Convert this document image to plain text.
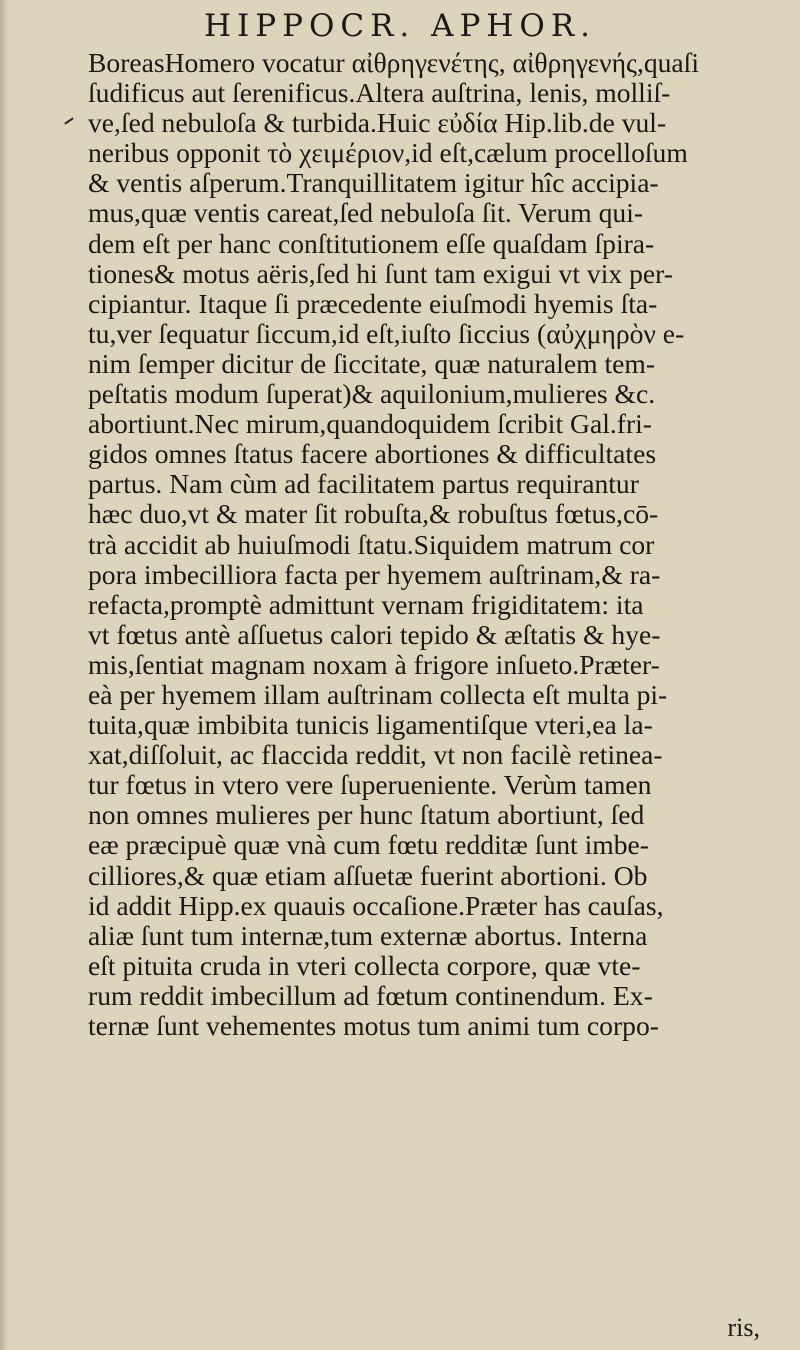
HIPPOCR. APHOR.
BoreasHomero vocatur αἰθρηγενέτης, αἰθρηγενής,quaſi
ſudificus aut ſerenificus.Altera auſtrina, lenis, molliſ-
ve,ſed nebuloſa & turbida.Huic εὐδία Hip.lib.de vul-
neribus opponit τὸ χειμέριον,id eſt,cælum procelloſum
& ventis aſperum.Tranquillitatem igitur hîc accipia-
mus,quæ ventis careat,ſed nebuloſa ſit. Verum qui-
dem eſt per hanc conſtitutionem eſſe quaſdam ſpira-
tiones& motus aëris,ſed hi ſunt tam exigui vt vix per-
cipiantur. Itaque ſi præcedente eiuſmodi hyemis ſta-
tu,ver ſequatur ſiccum,id eſt,iuſto ſiccius (αὐχμηρὸν e-
nim ſemper dicitur de ſiccitate, quæ naturalem tem-
peſtatis modum ſuperat)& aquilonium,mulieres &c.
abortiunt.Nec mirum,quandoquidem ſcribit Gal.fri-
gidos omnes ſtatus facere abortiones & difficultates
partus. Nam cùm ad facilitatem partus requirantur
hæc duo,vt & mater ſit robuſta,& robuſtus fœtus,cō-
trà accidit ab huiuſmodi ſtatu.Siquidem matrum cor
pora imbecilliora facta per hyemem auſtrinam,& ra-
refacta,promptè admittunt vernam frigiditatem: ita
vt fœtus antè aſſuetus calori tepido & æſtatis & hye-
mis,ſentiat magnam noxam à frigore inſueto.Præter-
eà per hyemem illam auſtrinam collecta eſt multa pi-
tuita,quæ imbibita tunicis ligamentiſque vteri,ea la-
xat,diſſoluit, ac flaccida reddit, vt non facilè retinea-
tur fœtus in vtero vere ſuperueniente. Verùm tamen
non omnes mulieres per hunc ſtatum abortiunt, ſed
eæ præcipuè quæ vnà cum fœtu redditæ ſunt imbe-
cilliores,& quæ etiam aſſuetæ fuerint abortioni. Ob
id addit Hipp.ex quauis occaſione.Præter has cauſas,
aliæ ſunt tum internæ,tum externæ abortus. Interna
eſt pituita cruda in vteri collecta corpore, quæ vte-
rum reddit imbecillum ad fœtum continendum. Ex-
ternæ ſunt vehementes motus tum animi tum corpo-
ris,
